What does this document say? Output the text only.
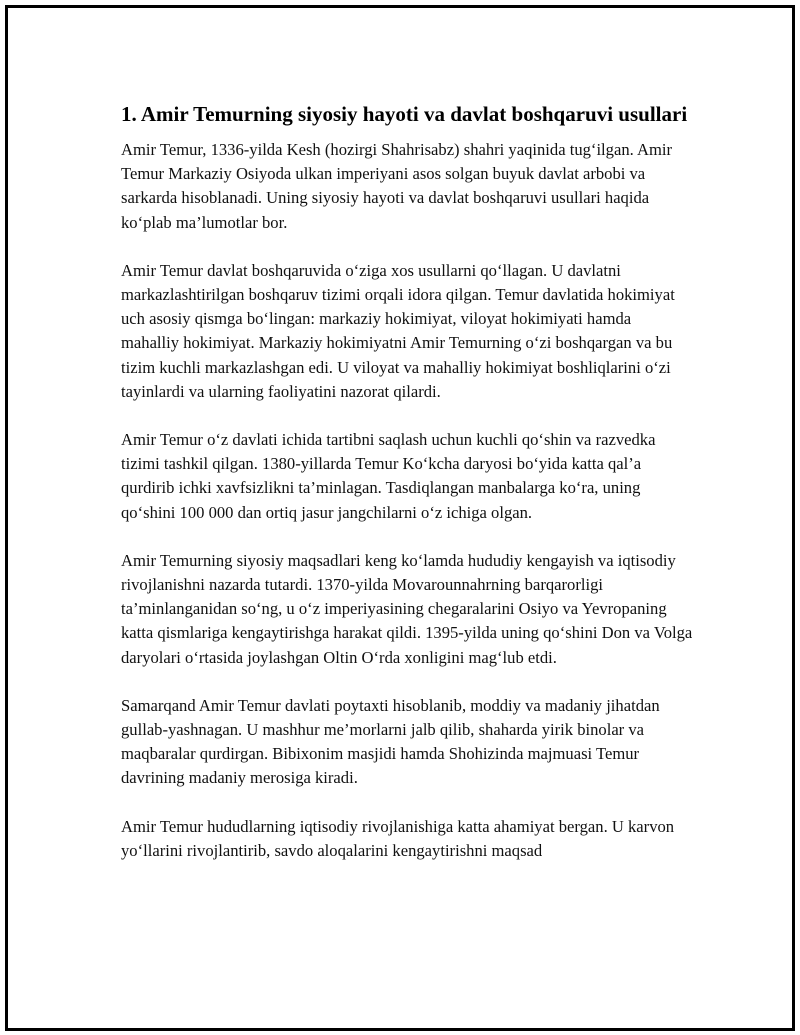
1. Amir Temurning siyosiy hayoti va davlat boshqaruvi usullari

Amir Temur, 1336-yilda Kesh (hozirgi Shahrisabz) shahri yaqinida tug‘ilgan. Amir Temur Markaziy Osiyoda ulkan imperiyani asos solgan buyuk davlat arbobi va sarkarda hisoblanadi. Uning siyosiy hayoti va davlat boshqaruvi usullari haqida ko‘plab ma’lumotlar bor.

Amir Temur davlat boshqaruvida o‘ziga xos usullarni qo‘llagan. U davlatni markazlashtirilgan boshqaruv tizimi orqali idora qilgan. Temur davlatida hokimiyat uch asosiy qismga bo‘lingan: markaziy hokimiyat, viloyat hokimiyati hamda mahalliy hokimiyat. Markaziy hokimiyatni Amir Temurning o‘zi boshqargan va bu tizim kuchli markazlashgan edi. U viloyat va mahalliy hokimiyat boshliqlarini o‘zi tayinlardi va ularning faoliyatini nazorat qilardi.

Amir Temur o‘z davlati ichida tartibni saqlash uchun kuchli qo‘shin va razvedka tizimi tashkil qilgan. 1380-yillarda Temur Ko‘kcha daryosi bo‘yida katta qal’a qurdirib ichki xavfsizlikni ta’minlagan. Tasdiqlangan manbalarga ko‘ra, uning qo‘shini 100 000 dan ortiq jasur jangchilarni o‘z ichiga olgan.

Amir Temurning siyosiy maqsadlari keng ko‘lamda hududiy kengayish va iqtisodiy rivojlanishni nazarda tutardi. 1370-yilda Movarounnahrning barqarorligi ta’minlanganidan so‘ng, u o‘z imperiyasining chegaralarini Osiyo va Yevropaning katta qismlariga kengaytirishga harakat qildi. 1395-yilda uning qo‘shini Don va Volga daryolari o‘rtasida joylashgan Oltin O‘rda xonligini mag‘lub etdi.

Samarqand Amir Temur davlati poytaxti hisoblanib, moddiy va madaniy jihatdan gullab-yashnagan. U mashhur me’morlarni jalb qilib, shaharda yirik binolar va maqbaralar qurdirgan. Bibixonim masjidi hamda Shohizinda majmuasi Temur davrining madaniy merosiga kiradi.

Amir Temur hududlarning iqtisodiy rivojlanishiga katta ahamiyat bergan. U karvon yo‘llarini rivojlantirib, savdo aloqalarini kengaytirishni maqsad
